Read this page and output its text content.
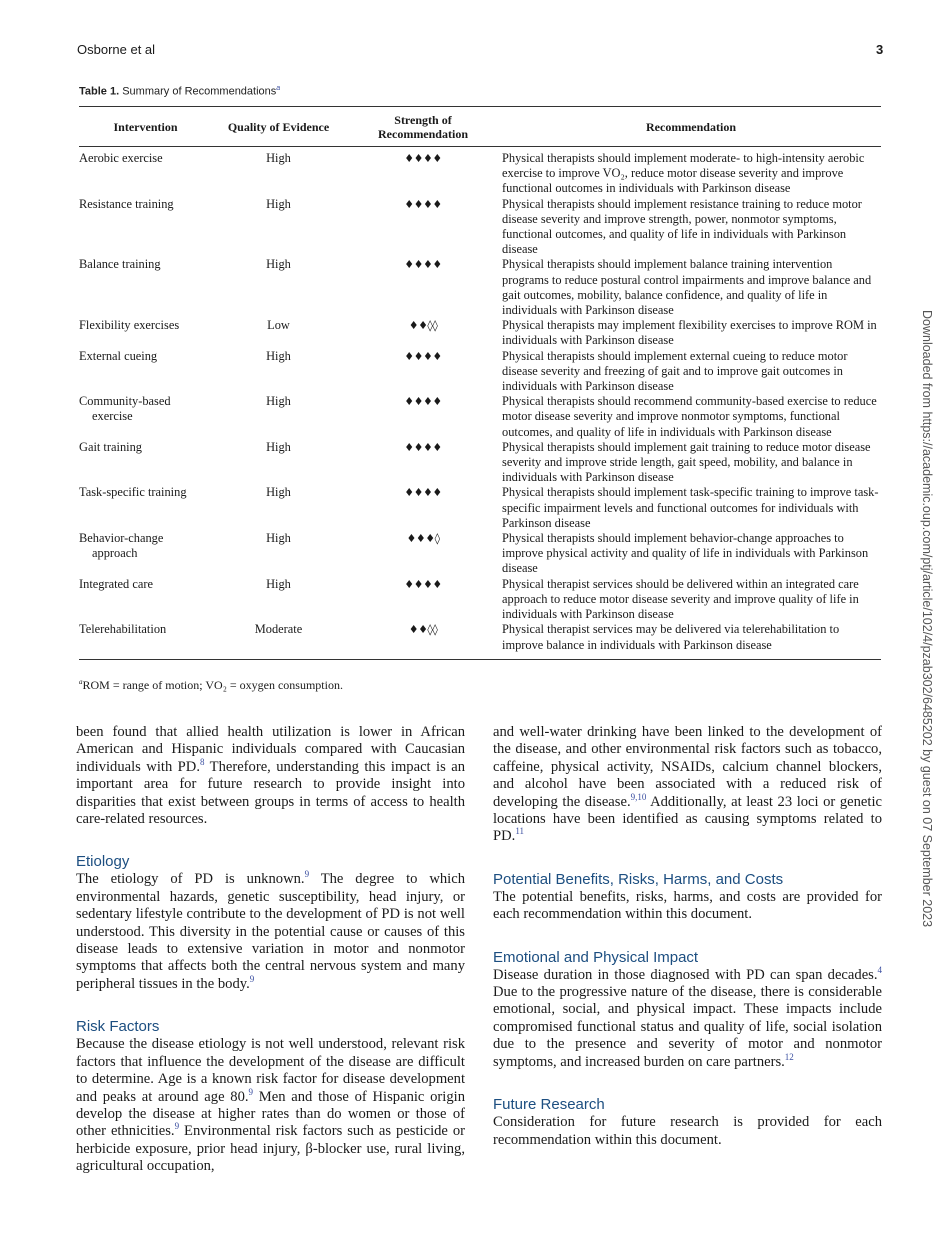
Osborne et al	3
Table 1. Summary of Recommendations$^a$
Intervention	Quality of Evidence	Strength of Recommendation	Recommendation
Aerobic exercise	High	♦♦♦♦	Physical therapists should implement moderate- to high-intensity aerobic exercise to improve VO₂, reduce motor disease severity and improve functional outcomes in individuals with Parkinson disease

Resistance training	High	♦♦♦♦	Physical therapists should implement resistance training to reduce motor disease severity and improve strength, power, nonmotor symptoms, functional outcomes, and quality of life in individuals with Parkinson disease

Balance training	High	♦♦♦♦	Physical therapists should implement balance training intervention programs to reduce postural control impairments and improve balance and gait outcomes, mobility, balance confidence, and quality of life in individuals with Parkinson disease

Flexibility exercises	Low	♦♦◊◊	Physical therapists may implement flexibility exercises to improve ROM in individuals with Parkinson disease

External cueing	High	♦♦♦♦	Physical therapists should implement external cueing to reduce motor disease severity and freezing of gait and to improve gait outcomes in individuals with Parkinson disease

Community-based
exercise	High	♦♦♦♦	Physical therapists should recommend community-based exercise to reduce motor disease severity and improve nonmotor symptoms, functional outcomes, and quality of life in individuals with Parkinson disease

Gait training	High	♦♦♦♦	Physical therapists should implement gait training to reduce motor disease severity and improve stride length, gait speed, mobility, and balance in individuals with Parkinson disease

Task-specific training	High	♦♦♦♦	Physical therapists should implement task-specific training to improve task-specific impairment levels and functional outcomes for individuals with Parkinson disease

Behavior-change
approach	High	♦♦♦◊	Physical therapists should implement behavior-change approaches to improve physical activity and quality of life in individuals with Parkinson disease

Integrated care	High	♦♦♦♦	Physical therapist services should be delivered within an integrated care approach to reduce motor disease severity and improve quality of life in individuals with Parkinson disease

Telerehabilitation	Moderate	♦♦◊◊	Physical therapist services may be delivered via telerehabilitation to improve balance in individuals with Parkinson disease
$^a$ROM = range of motion; VO₂ = oxygen consumption.

been found that allied health utilization is lower in African American and Hispanic individuals compared with Caucasian individuals with PD.$^8$ Therefore, understanding this impact is an important area for future research to provide insight into disparities that exist between groups in terms of access to health care-related resources.

Etiology

The etiology of PD is unknown.$^9$ The degree to which environmental hazards, genetic susceptibility, head injury, or sedentary lifestyle contribute to the development of PD is not well understood. This diversity in the potential cause or causes of this disease leads to extensive variation in motor and nonmotor symptoms that affects both the central nervous system and many peripheral tissues in the body.$^9$

Risk Factors

Because the disease etiology is not well understood, relevant risk factors that influence the development of the disease are difficult to determine. Age is a known risk factor for disease development and peaks at around age 80.$^9$ Men and those of Hispanic origin develop the disease at higher rates than do women or those of other ethnicities.$^9$ Environmental risk factors such as pesticide or herbicide exposure, prior head injury, β-blocker use, rural living, agricultural occupation,

and well-water drinking have been linked to the development of the disease, and other environmental risk factors such as tobacco, caffeine, physical activity, NSAIDs, calcium channel blockers, and alcohol have been associated with a reduced risk of developing the disease.$^{9,10}$ Additionally, at least 23 loci or genetic locations have been identified as causing symptoms related to PD.$^{11}$

Potential Benefits, Risks, Harms, and Costs

The potential benefits, risks, harms, and costs are provided for each recommendation within this document.

Emotional and Physical Impact

Disease duration in those diagnosed with PD can span decades.$^4$ Due to the progressive nature of the disease, there is considerable emotional, social, and physical impact. These impacts include compromised functional status and quality of life, social isolation due to the presence and severity of motor and nonmotor symptoms, and increased burden on care partners.$^{12}$

Future Research

Consideration for future research is provided for each recommendation within this document.

Downloaded from https://academic.oup.com/ptj/article/102/4/pzab302/6485202 by guest on 07 September 2023
